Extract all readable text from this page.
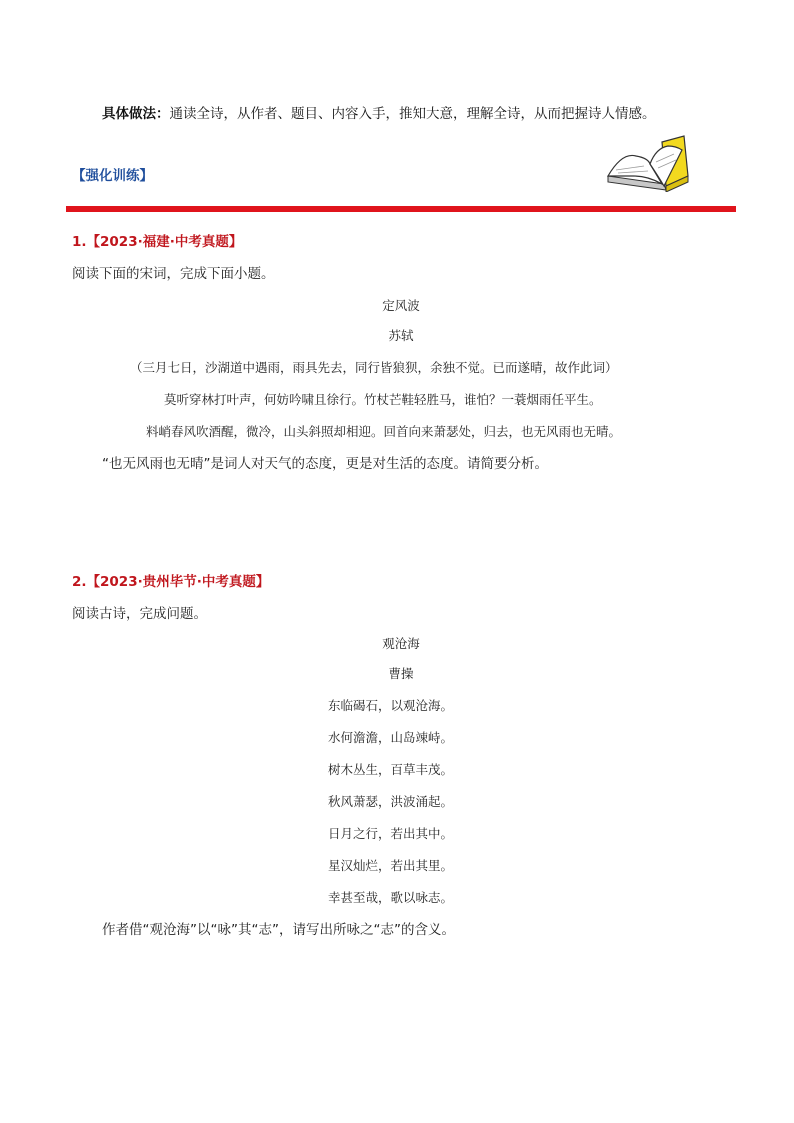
具体做法：通读全诗，从作者、题目、内容入手，推知大意，理解全诗，从而把握诗人情感。
【强化训练】
1.【2023·福建·中考真题】
阅读下面的宋词，完成下面小题。
定风波
苏轼
（三月七日，沙湖道中遇雨，雨具先去，同行皆狼狈，余独不觉。已而遂晴，故作此词）
莫听穿林打叶声，何妨吟啸且徐行。竹杖芒鞋轻胜马，谁怕？一蓑烟雨任平生。
料峭春风吹酒醒，微冷，山头斜照却相迎。回首向来萧瑟处，归去，也无风雨也无晴。
“也无风雨也无晴”是词人对天气的态度，更是对生活的态度。请简要分析。
2.【2023·贵州毕节·中考真题】
阅读古诗，完成问题。
观沧海
曹操
东临碣石，以观沧海。
水何澹澹，山岛竦峙。
树木丛生，百草丰茂。
秋风萧瑟，洪波涌起。
日月之行，若出其中。
星汉灿烂，若出其里。
幸甚至哉，歌以咏志。
作者借“观沧海”以“咏”其“志”，请写出所咏之“志”的含义。
